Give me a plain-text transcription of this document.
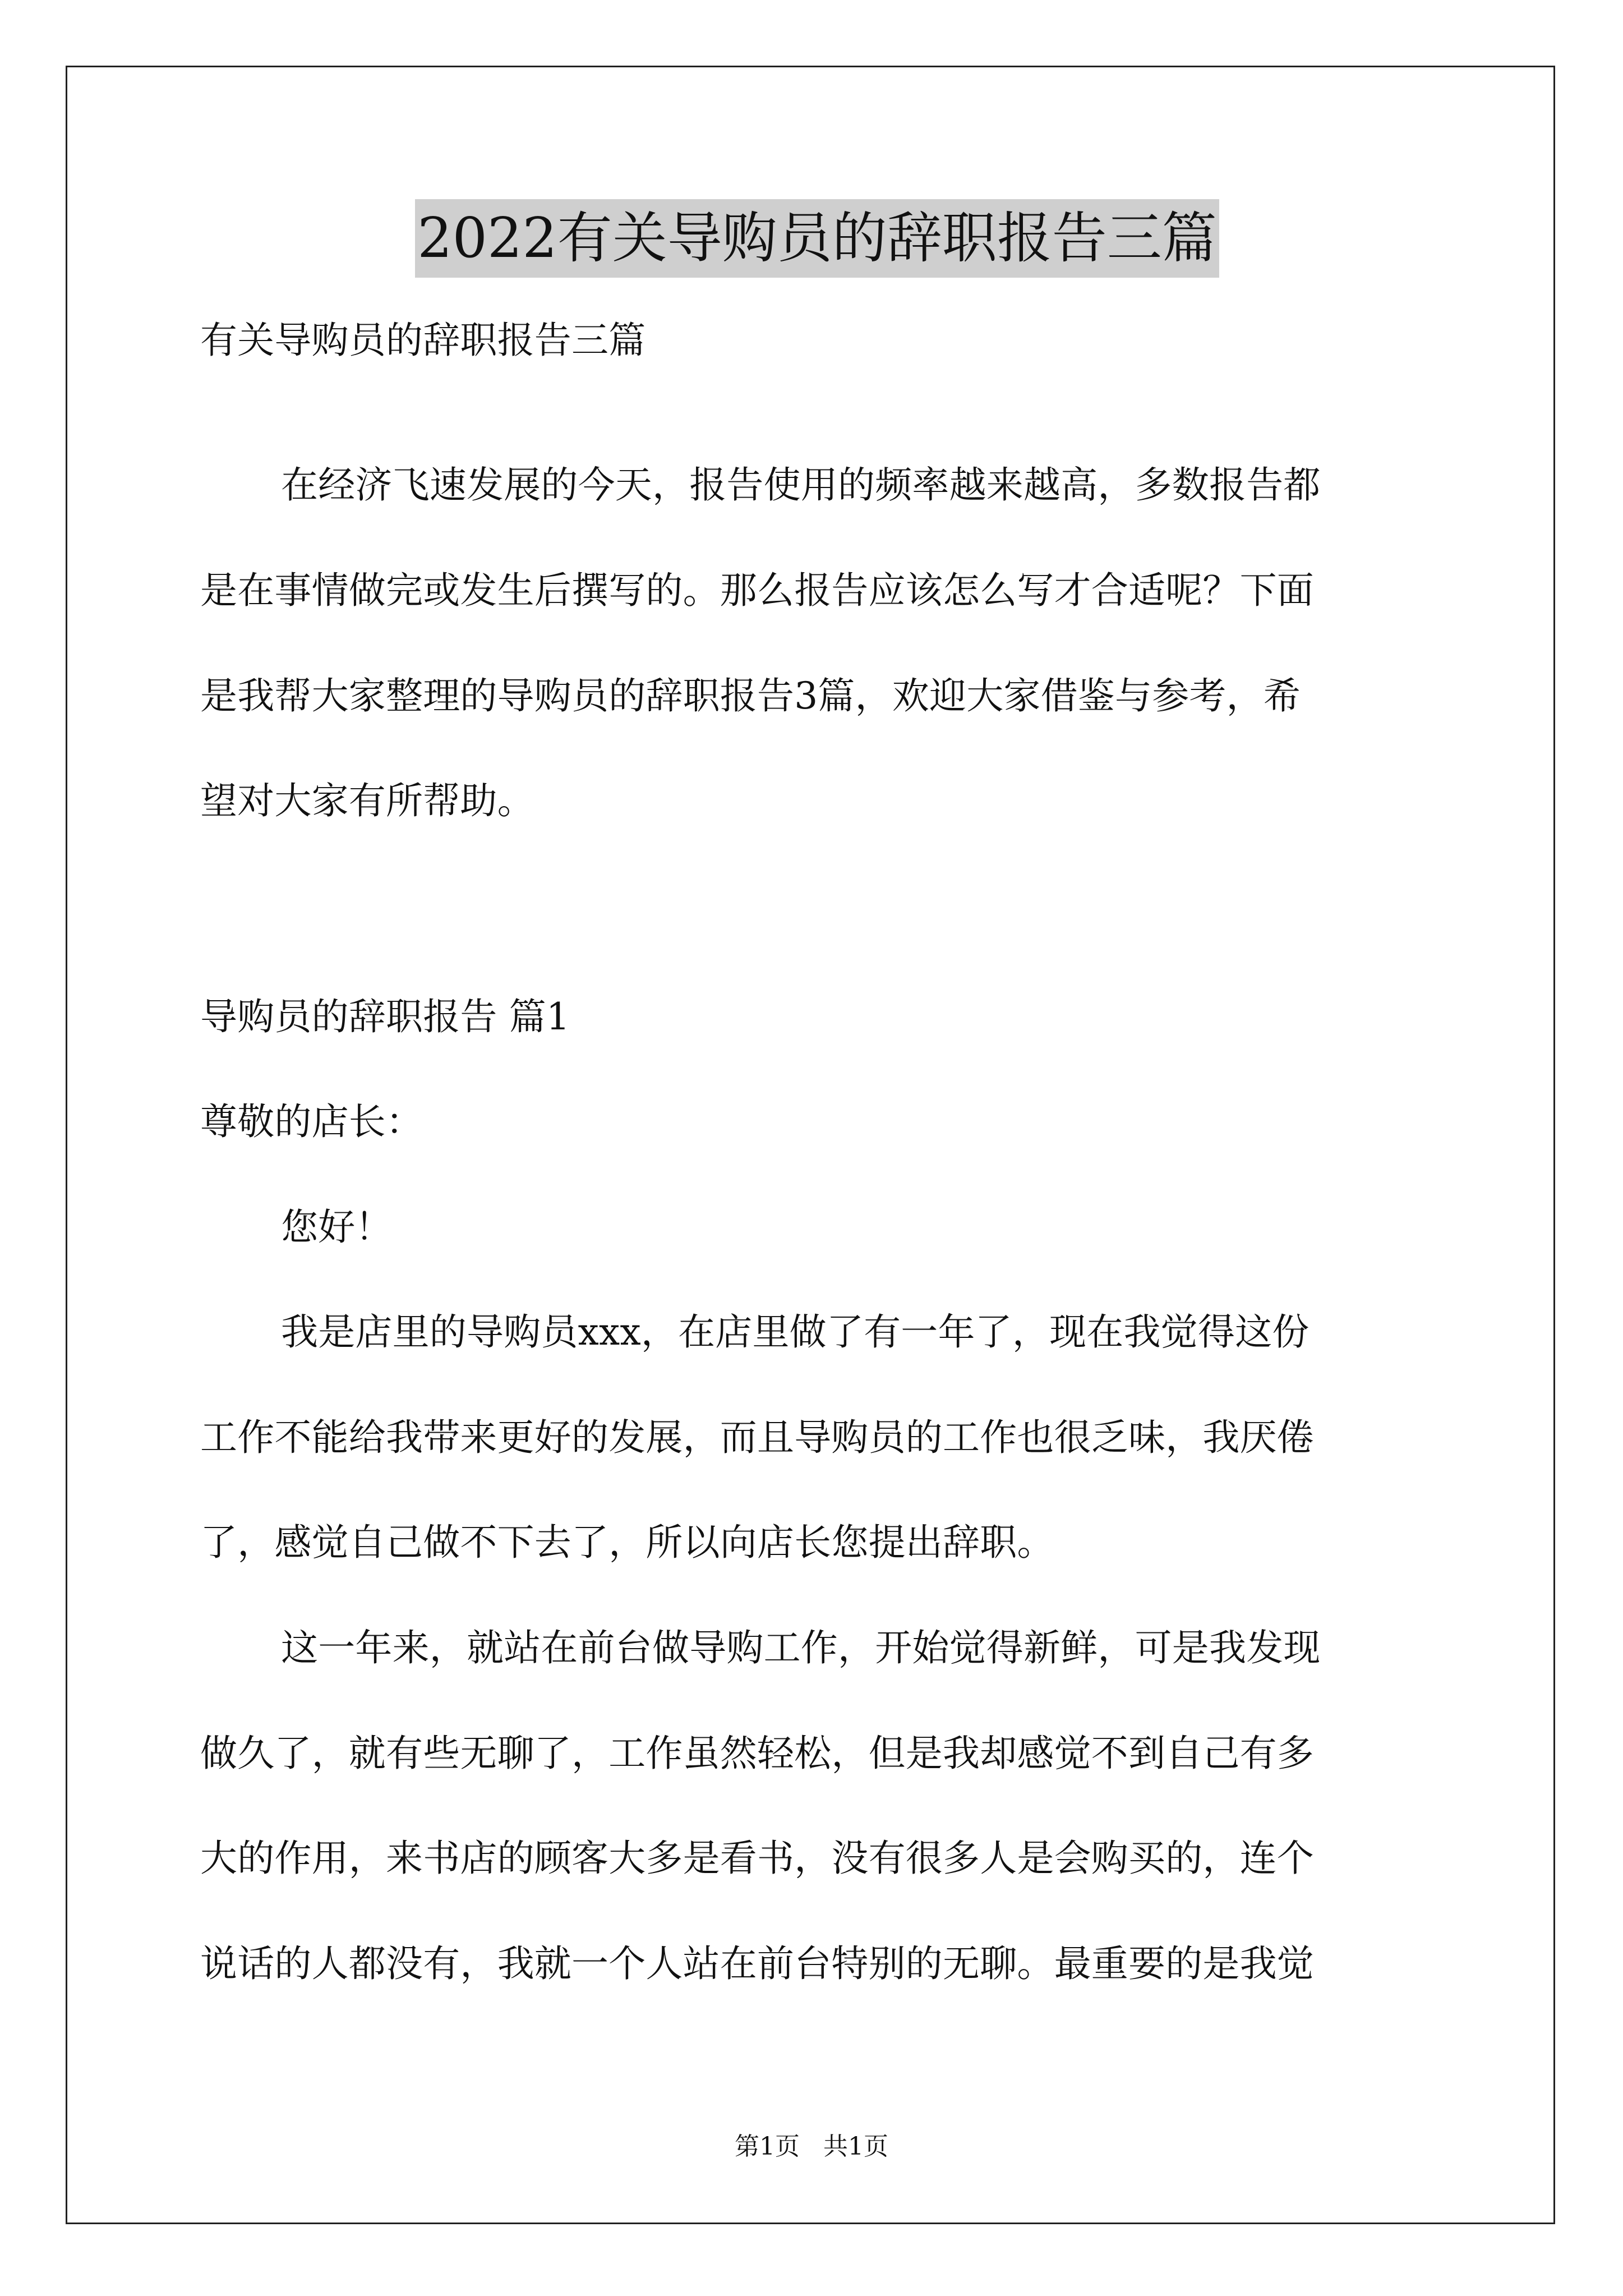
2022有关导购员的辞职报告三篇
有关导购员的辞职报告三篇
在经济飞速发展的今天，报告使用的频率越来越高，多数报告都
是在事情做完或发生后撰写的。那么报告应该怎么写才合适呢？下面
是我帮大家整理的导购员的辞职报告3篇，欢迎大家借鉴与参考，希
望对大家有所帮助。
导购员的辞职报告 篇1
尊敬的店长：
您好！
我是店里的导购员xxx，在店里做了有一年了，现在我觉得这份
工作不能给我带来更好的发展，而且导购员的工作也很乏味，我厌倦
了，感觉自己做不下去了，所以向店长您提出辞职。
这一年来，就站在前台做导购工作，开始觉得新鲜，可是我发现
做久了，就有些无聊了，工作虽然轻松，但是我却感觉不到自己有多
大的作用，来书店的顾客大多是看书，没有很多人是会购买的，连个
说话的人都没有，我就一个人站在前台特别的无聊。最重要的是我觉
第1页   共1页
